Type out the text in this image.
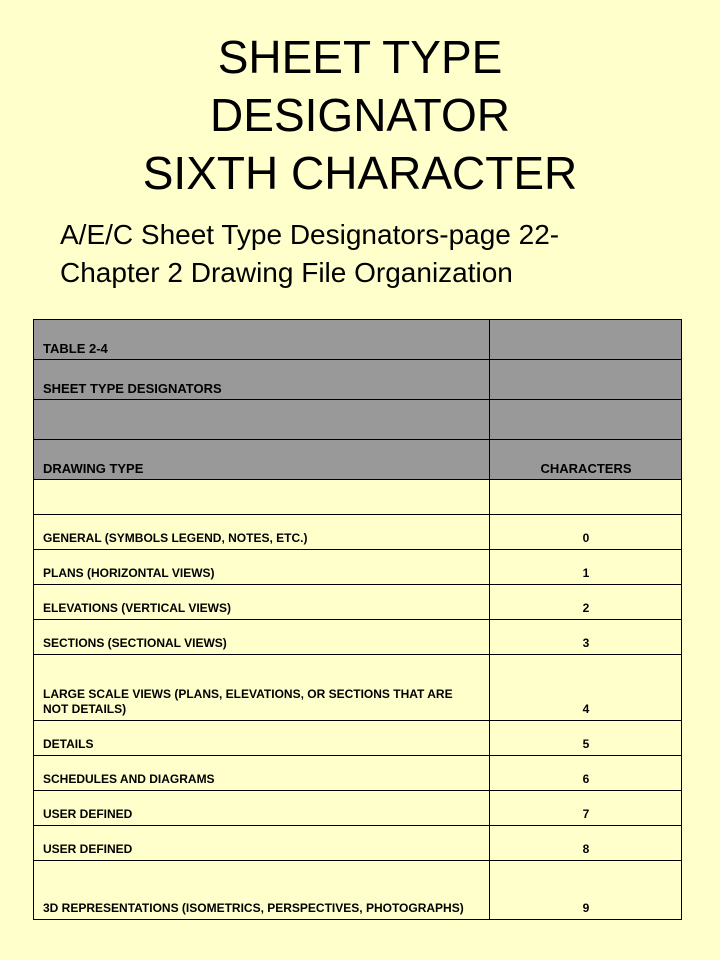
SHEET TYPE
DESIGNATOR
SIXTH CHARACTER
A/E/C Sheet Type Designators-page 22-
Chapter 2 Drawing File Organization
TABLE 2-4	
SHEET TYPE DESIGNATORS	

DRAWING TYPE	CHARACTERS

GENERAL (SYMBOLS LEGEND, NOTES, ETC.)	0
PLANS (HORIZONTAL VIEWS)	1
ELEVATIONS (VERTICAL VIEWS)	2
SECTIONS (SECTIONAL VIEWS)	3
LARGE SCALE VIEWS (PLANS, ELEVATIONS, OR SECTIONS THAT ARE NOT DETAILS)	4
DETAILS	5
SCHEDULES AND DIAGRAMS	6
USER DEFINED	7
USER DEFINED	8
3D REPRESENTATIONS (ISOMETRICS, PERSPECTIVES, PHOTOGRAPHS)	9
